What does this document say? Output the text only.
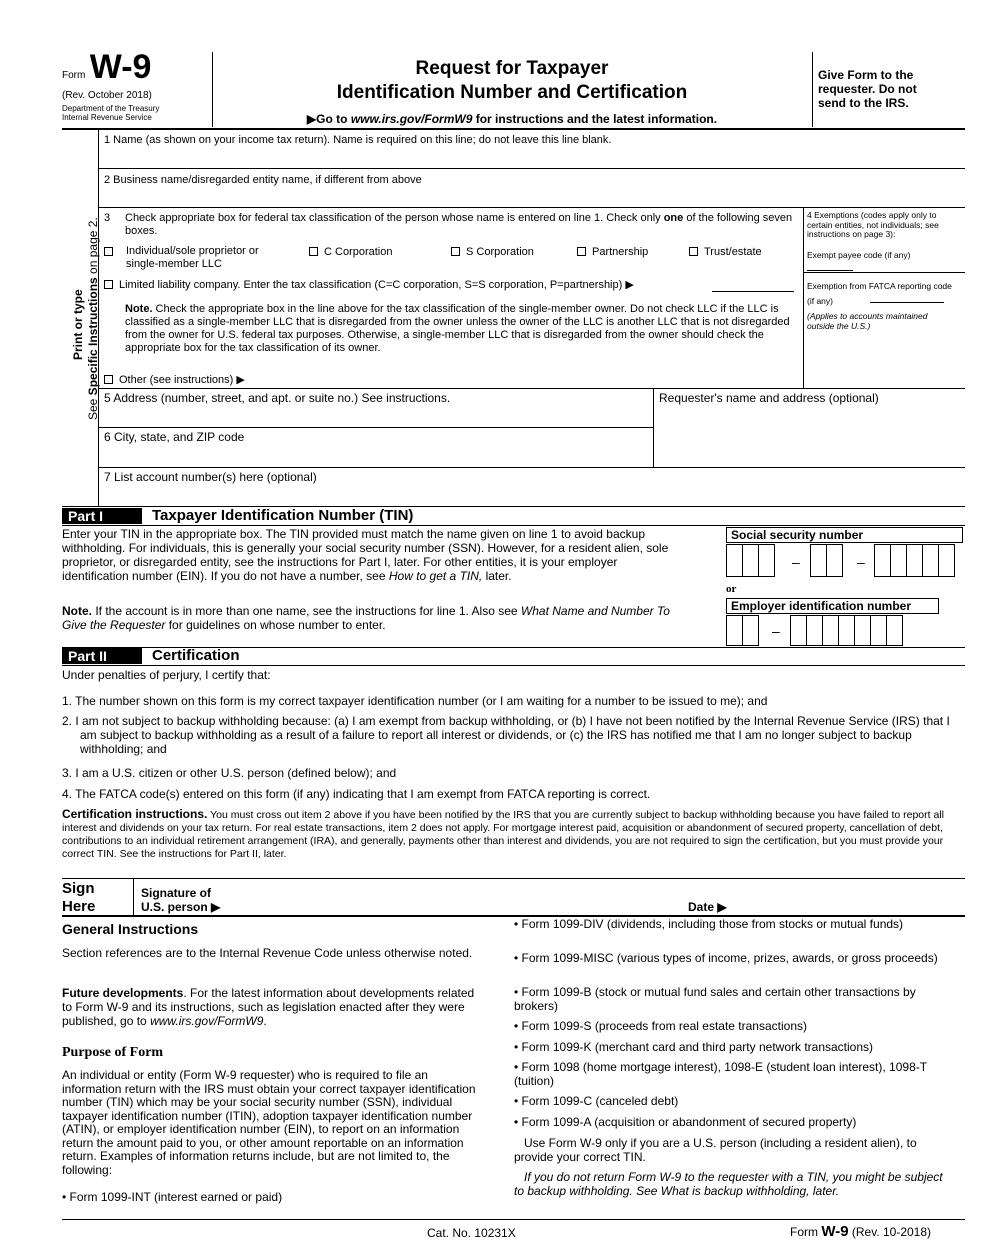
Form W-9
(Rev. October 2018)
Department of the Treasury
Internal Revenue Service
Request for Taxpayer
Identification Number and Certification
▶Go to www.irs.gov/FormW9 for instructions and the latest information.
Give Form to the requester. Do not send to the IRS.
Print or type
See Specific Instructions on page 2.
1 Name (as shown on your income tax return). Name is required on this line; do not leave this line blank.
2 Business name/disregarded entity name, if different from above
3 Check appropriate box for federal tax classification of the person whose name is entered on line 1. Check only one of the following seven boxes.
Individual/sole proprietor or single-member LLC
C Corporation	S Corporation	Partnership	Trust/estate
Limited liability company. Enter the tax classification (C=C corporation, S=S corporation, P=partnership) ▶
Note. Check the appropriate box in the line above for the tax classification of the single-member owner. Do not check LLC if the LLC is classified as a single-member LLC that is disregarded from the owner unless the owner of the LLC is another LLC that is not disregarded from the owner for U.S. federal tax purposes. Otherwise, a single-member LLC that is disregarded from the owner should check the appropriate box for the tax classification of its owner.
Other (see instructions) ▶
4 Exemptions (codes apply only to certain entities, not individuals; see instructions on page 3):
Exempt payee code (if any)
Exemption from FATCA reporting code (if any)
(Applies to accounts maintained outside the U.S.)
5 Address (number, street, and apt. or suite no.) See instructions.	Requester's name and address (optional)
6 City, state, and ZIP code
7 List account number(s) here (optional)
Part I	Taxpayer Identification Number (TIN)
Enter your TIN in the appropriate box. The TIN provided must match the name given on line 1 to avoid backup withholding. For individuals, this is generally your social security number (SSN). However, for a resident alien, sole proprietor, or disregarded entity, see the instructions for Part I, later. For other entities, it is your employer identification number (EIN). If you do not have a number, see How to get a TIN, later.
Note. If the account is in more than one name, see the instructions for line 1. Also see What Name and Number To Give the Requester for guidelines on whose number to enter.
Social security number
–	–
or
Employer identification number
–
Part II	Certification
Under penalties of perjury, I certify that:
1. The number shown on this form is my correct taxpayer identification number (or I am waiting for a number to be issued to me); and
2. I am not subject to backup withholding because: (a) I am exempt from backup withholding, or (b) I have not been notified by the Internal Revenue Service (IRS) that I am subject to backup withholding as a result of a failure to report all interest or dividends, or (c) the IRS has notified me that I am no longer subject to backup withholding; and
3. I am a U.S. citizen or other U.S. person (defined below); and
4. The FATCA code(s) entered on this form (if any) indicating that I am exempt from FATCA reporting is correct.
Certification instructions. You must cross out item 2 above if you have been notified by the IRS that you are currently subject to backup withholding because you have failed to report all interest and dividends on your tax return. For real estate transactions, item 2 does not apply. For mortgage interest paid, acquisition or abandonment of secured property, cancellation of debt, contributions to an individual retirement arrangement (IRA), and generally, payments other than interest and dividends, you are not required to sign the certification, but you must provide your correct TIN. See the instructions for Part II, later.
Sign
Here
Signature of
U.S. person ▶	Date ▶
General Instructions
Section references are to the Internal Revenue Code unless otherwise noted.
Future developments. For the latest information about developments related to Form W-9 and its instructions, such as legislation enacted after they were published, go to www.irs.gov/FormW9.
Purpose of Form
An individual or entity (Form W-9 requester) who is required to file an information return with the IRS must obtain your correct taxpayer identification number (TIN) which may be your social security number (SSN), individual taxpayer identification number (ITIN), adoption taxpayer identification number (ATIN), or employer identification number (EIN), to report on an information return the amount paid to you, or other amount reportable on an information return. Examples of information returns include, but are not limited to, the following:
• Form 1099-INT (interest earned or paid)
• Form 1099-DIV (dividends, including those from stocks or mutual funds)
• Form 1099-MISC (various types of income, prizes, awards, or gross proceeds)
• Form 1099-B (stock or mutual fund sales and certain other transactions by brokers)
• Form 1099-S (proceeds from real estate transactions)
• Form 1099-K (merchant card and third party network transactions)
• Form 1098 (home mortgage interest), 1098-E (student loan interest), 1098-T (tuition)
• Form 1099-C (canceled debt)
• Form 1099-A (acquisition or abandonment of secured property)
Use Form W-9 only if you are a U.S. person (including a resident alien), to provide your correct TIN.
If you do not return Form W-9 to the requester with a TIN, you might be subject to backup withholding. See What is backup withholding, later.
Cat. No. 10231X	Form W-9 (Rev. 10-2018)
